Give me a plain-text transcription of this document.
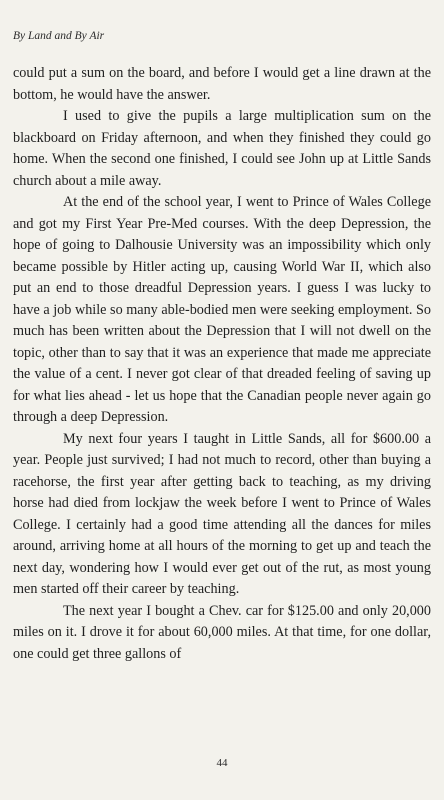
By Land and By Air

could put a sum on the board, and before I would get a line drawn at the bottom, he would have the answer.

I used to give the pupils a large multiplication sum on the blackboard on Friday afternoon, and when they finished they could go home. When the second one finished, I could see John up at Little Sands church about a mile away.

At the end of the school year, I went to Prince of Wales College and got my First Year Pre-Med courses. With the deep Depression, the hope of going to Dalhousie University was an impossibility which only became possible by Hitler acting up, causing World War II, which also put an end to those dreadful Depression years. I guess I was lucky to have a job while so many able-bodied men were seeking employment. So much has been written about the Depression that I will not dwell on the topic, other than to say that it was an experience that made me appreciate the value of a cent. I never got clear of that dreaded feeling of saving up for what lies ahead - let us hope that the Canadian people never again go through a deep Depression.

My next four years I taught in Little Sands, all for $600.00 a year. People just survived; I had not much to record, other than buying a racehorse, the first year after getting back to teaching, as my driving horse had died from lockjaw the week before I went to Prince of Wales College. I certainly had a good time attending all the dances for miles around, arriving home at all hours of the morning to get up and teach the next day, wondering how I would ever get out of the rut, as most young men started off their career by teaching.

The next year I bought a Chev. car for $125.00 and only 20,000 miles on it. I drove it for about 60,000 miles. At that time, for one dollar, one could get three gallons of

44
